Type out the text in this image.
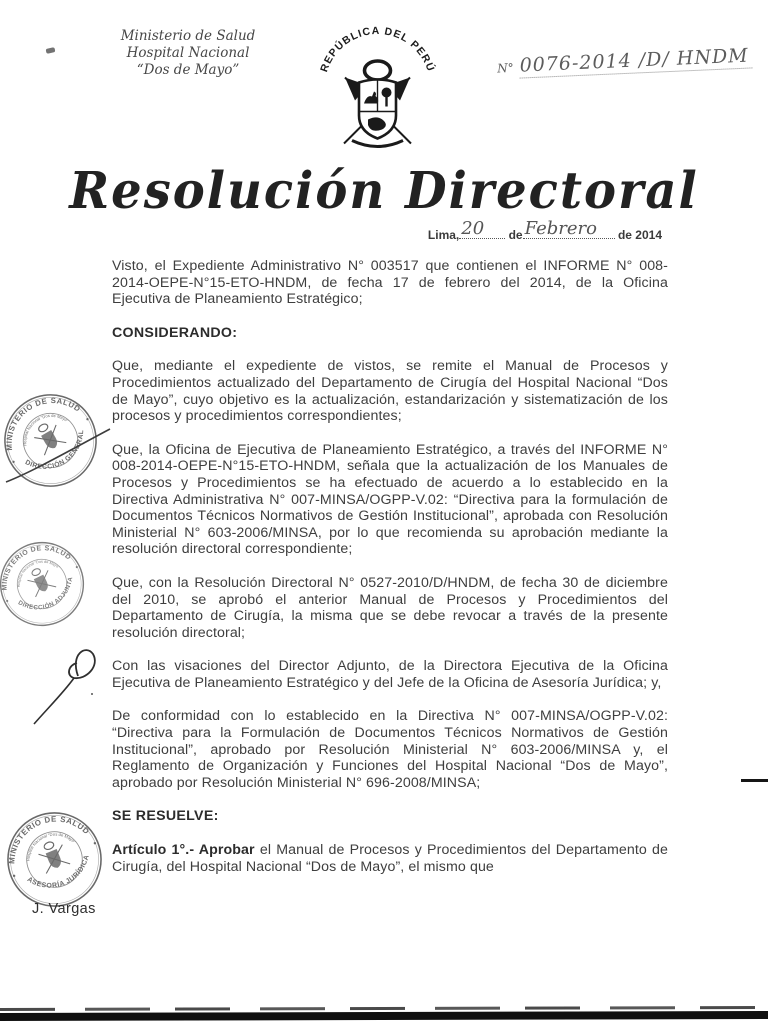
Ministerio de Salud
Hospital Nacional
“Dos de Mayo”	REPÚBLICA DEL PERÚ	N° 0076-2014 /D/ HNDM
Resolución Directoral
Lima, 20 de Febrero de 2014

Visto, el Expediente Administrativo N° 003517 que contienen el INFORME N° 008-2014-OEPE-N°15-ETO-HNDM, de fecha 17 de febrero del 2014, de la Oficina Ejecutiva de Planeamiento Estratégico;

CONSIDERANDO:

Que, mediante el expediente de vistos, se remite el Manual de Procesos y Procedimientos actualizado del Departamento de Cirugía del Hospital Nacional “Dos de Mayo”, cuyo objetivo es la actualización, estandarización y sistematización de los procesos y procedimientos correspondientes;

Que, la Oficina de Ejecutiva de Planeamiento Estratégico, a través del INFORME N° 008-2014-OEPE-N°15-ETO-HNDM, señala que la actualización de los Manuales de Procesos y Procedimientos se ha efectuado de acuerdo a lo establecido en la Directiva Administrativa N° 007-MINSA/OGPP-V.02: “Directiva para la formulación de Documentos Técnicos Normativos de Gestión Institucional”, aprobada con Resolución Ministerial N° 603-2006/MINSA, por lo que recomienda su aprobación mediante la resolución directoral correspondiente;

Que, con la Resolución Directoral N° 0527-2010/D/HNDM, de fecha 30 de diciembre del 2010, se aprobó el anterior Manual de Procesos y Procedimientos del Departamento de Cirugía, la misma que se debe revocar a través de la presente resolución directoral;

Con las visaciones del Director Adjunto, de la Directora Ejecutiva de la Oficina Ejecutiva de Planeamiento Estratégico y del Jefe de la Oficina de Asesoría Jurídica; y,

De conformidad con lo establecido en la Directiva N° 007-MINSA/OGPP-V.02: “Directiva para la Formulación de Documentos Técnicos Normativos de Gestión Institucional”, aprobado por Resolución Ministerial N° 603-2006/MINSA y, el Reglamento de Organización y Funciones del Hospital Nacional “Dos de Mayo”, aprobado por Resolución Ministerial N° 696-2008/MINSA;

SE RESUELVE:

Artículo 1°.- Aprobar el Manual de Procesos y Procedimientos del Departamento de Cirugía, del Hospital Nacional “Dos de Mayo”, el mismo que

MINISTERIO DE SALUD
Hospital Nacional “Dos de Mayo”
DIRECCIÓN GENERAL
MINISTERIO DE SALUD
Hospital Nacional “Dos de Mayo”
DIRECCIÓN ADJUNTA
MINISTERIO DE SALUD
Hospital Nacional “Dos de Mayo”
ASESORÍA JURÍDICA
J. Vargas
